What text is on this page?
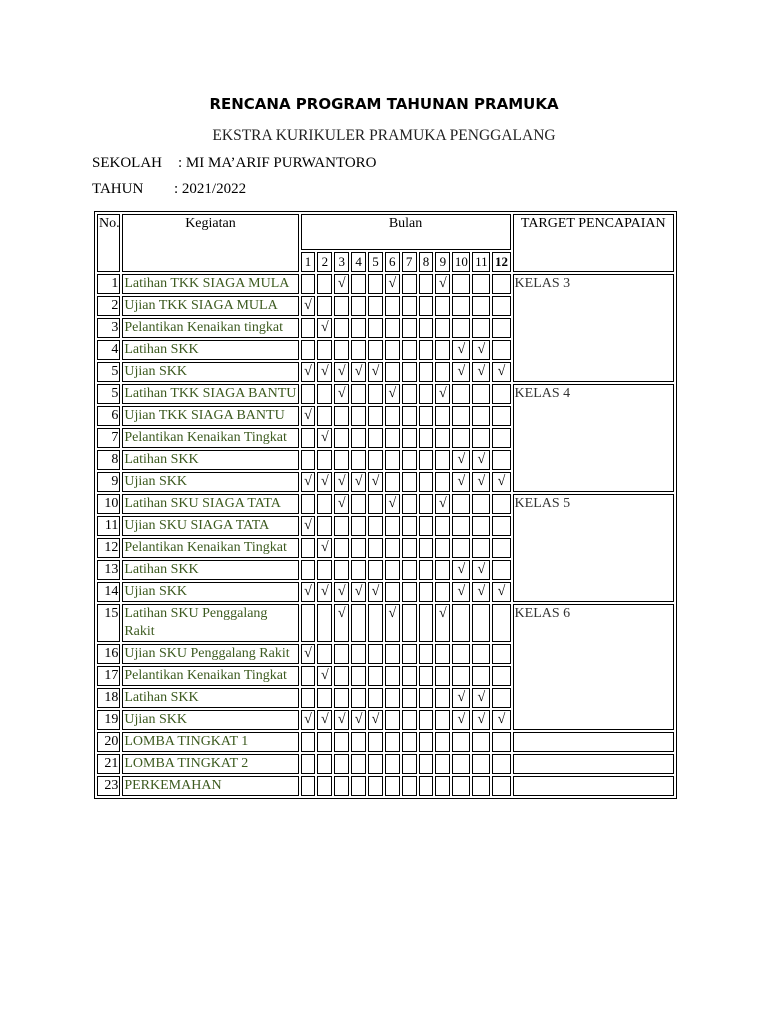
RENCANA PROGRAM TAHUNAN PRAMUKA
EKSTRA KURIKULER PRAMUKA PENGGALANG
SEKOLAH : MI MA’ARIF PURWANTORO
TAHUN : 2021/2022
No.	Kegiatan	Bulan												TARGET PENCAPAIAN
		1	2	3	4	5	6	7	8	9	10	11	12	
1	Latihan TKK SIAGA MULA			√			√			√				KELAS 3
2	Ujian TKK SIAGA MULA	√												
3	Pelantikan Kenaikan tingkat		√											
4	Latihan SKK										√	√		
5	Ujian SKK	√	√	√	√	√					√	√	√	
5	Latihan TKK SIAGA BANTU			√			√			√				KELAS 4
6	Ujian TKK SIAGA BANTU	√												
7	Pelantikan Kenaikan Tingkat		√											
8	Latihan SKK										√	√		
9	Ujian SKK	√	√	√	√	√					√	√	√	
10	Latihan SKU SIAGA TATA			√			√			√				KELAS 5
11	Ujian SKU SIAGA TATA	√												
12	Pelantikan Kenaikan Tingkat		√											
13	Latihan SKK										√	√		
14	Ujian SKK	√	√	√	√	√					√	√	√	
15	Latihan SKU Penggalang Rakit			√			√			√				KELAS 6
16	Ujian SKU Penggalang Rakit	√												
17	Pelantikan Kenaikan Tingkat		√											
18	Latihan SKK										√	√		
19	Ujian SKK	√	√	√	√	√					√	√	√	
20	LOMBA TINGKAT 1													
21	LOMBA TINGKAT 2													
23	PERKEMAHAN													
